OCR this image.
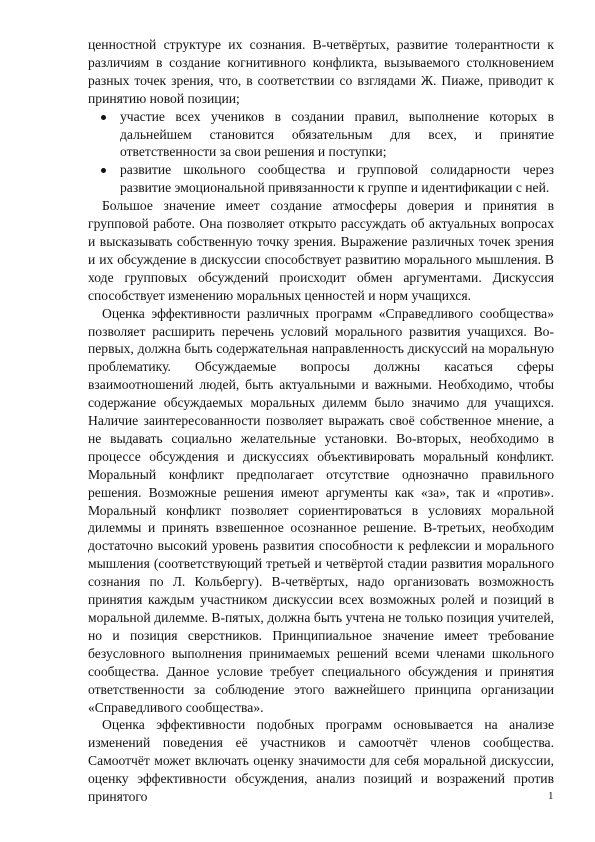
ценностной структуре их сознания. В-четвёртых, развитие толерантности к различиям в создание когнитивного конфликта, вызываемого столкновением разных точек зрения, что, в соответствии со взглядами Ж. Пиаже, приводит к принятию новой позиции;

участие всех учеников в создании правил, выполнение которых в дальнейшем становится обязательным для всех, и принятие ответственности за свои решения и поступки;
развитие школьного сообщества и групповой солидарности через развитие эмоциональной привязанности к группе и идентификации с ней.

Большое значение имеет создание атмосферы доверия и принятия в групповой работе. Она позволяет открыто рассуждать об актуальных вопросах и высказывать собственную точку зрения. Выражение различных точек зрения и их обсуждение в дискуссии способствует развитию морального мышления. В ходе групповых обсуждений происходит обмен аргументами. Дискуссия способствует изменению моральных ценностей и норм учащихся.

Оценка эффективности различных программ «Справедливого сообщества» позволяет расширить перечень условий морального развития учащихся. Во-первых, должна быть содержательная направленность дискуссий на моральную проблематику. Обсуждаемые вопросы должны касаться сферы взаимоотношений людей, быть актуальными и важными. Необходимо, чтобы содержание обсуждаемых моральных дилемм было значимо для учащихся. Наличие заинтересованности позволяет выражать своё собственное мнение, а не выдавать социально желательные установки. Во-вторых, необходимо в процессе обсуждения и дискуссиях объективировать моральный конфликт. Моральный конфликт предполагает отсутствие однозначно правильного решения. Возможные решения имеют аргументы как «за», так и «против». Моральный конфликт позволяет сориентироваться в условиях моральной дилеммы и принять взвешенное осознанное решение. В-третьих, необходим достаточно высокий уровень развития способности к рефлексии и морального мышления (соответствующий третьей и четвёртой стадии развития морального сознания по Л. Кольбергу). В-четвёртых, надо организовать возможность принятия каждым участником дискуссии всех возможных ролей и позиций в моральной дилемме. В-пятых, должна быть учтена не только позиция учителей, но и позиция сверстников. Принципиальное значение имеет требование безусловного выполнения принимаемых решений всеми членами школьного сообщества. Данное условие требует специального обсуждения и принятия ответственности за соблюдение этого важнейшего принципа организации «Справедливого сообщества».

Оценка эффективности подобных программ основывается на анализе изменений поведения её участников и самоотчёт членов сообщества. Самоотчёт может включать оценку значимости для себя моральной дискуссии, оценку эффективности обсуждения, анализ позиций и возражений против принятого	1
